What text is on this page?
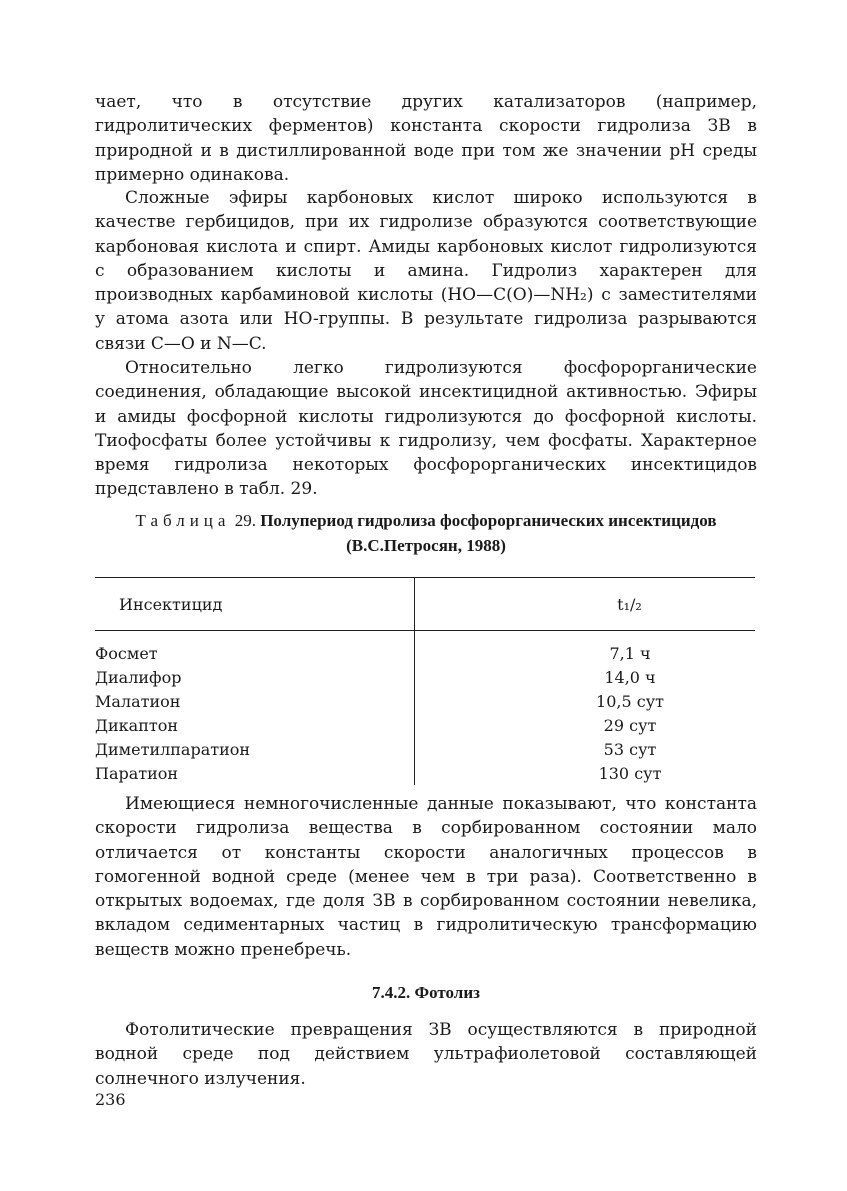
чает, что в отсутствие других катализаторов (например, гидролитических ферментов) константа скорости гидролиза ЗВ в природной и в дистиллированной воде при том же значении pH среды примерно одинакова.

Сложные эфиры карбоновых кислот широко используются в качестве гербицидов, при их гидролизе образуются соответствующие карбоновая кислота и спирт. Амиды карбоновых кислот гидролизуются с образованием кислоты и амина. Гидролиз характерен для производных карбаминовой кислоты (HO—C(O)—NH₂) с заместителями у атома азота или HO-группы. В результате гидролиза разрываются связи C—O и N—C.

Относительно легко гидролизуются фосфорорганические соединения, обладающие высокой инсектицидной активностью. Эфиры и амиды фосфорной кислоты гидролизуются до фосфорной кислоты. Тиофосфаты более устойчивы к гидролизу, чем фосфаты. Характерное время гидролиза некоторых фосфорорганических инсектицидов представлено в табл. 29.

Таблица 29. Полупериод гидролиза фосфорорганических инсектицидов
(В.С.Петросян, 1988)
Инсектицид	t₁/₂
Фосмет	7,1 ч
Диалифор	14,0 ч
Малатион	10,5 сут
Дикаптон	29 сут
Диметилпаратион	53 сут
Паратион	130 сут

Имеющиеся немногочисленные данные показывают, что константа скорости гидролиза вещества в сорбированном состоянии мало отличается от константы скорости аналогичных процессов в гомогенной водной среде (менее чем в три раза). Соответственно в открытых водоемах, где доля ЗВ в сорбированном состоянии невелика, вкладом седиментарных частиц в гидролитическую трансформацию веществ можно пренебречь.

7.4.2. Фотолиз

Фотолитические превращения ЗВ осуществляются в природной водной среде под действием ультрафиолетовой составляющей солнечного излучения.

236
